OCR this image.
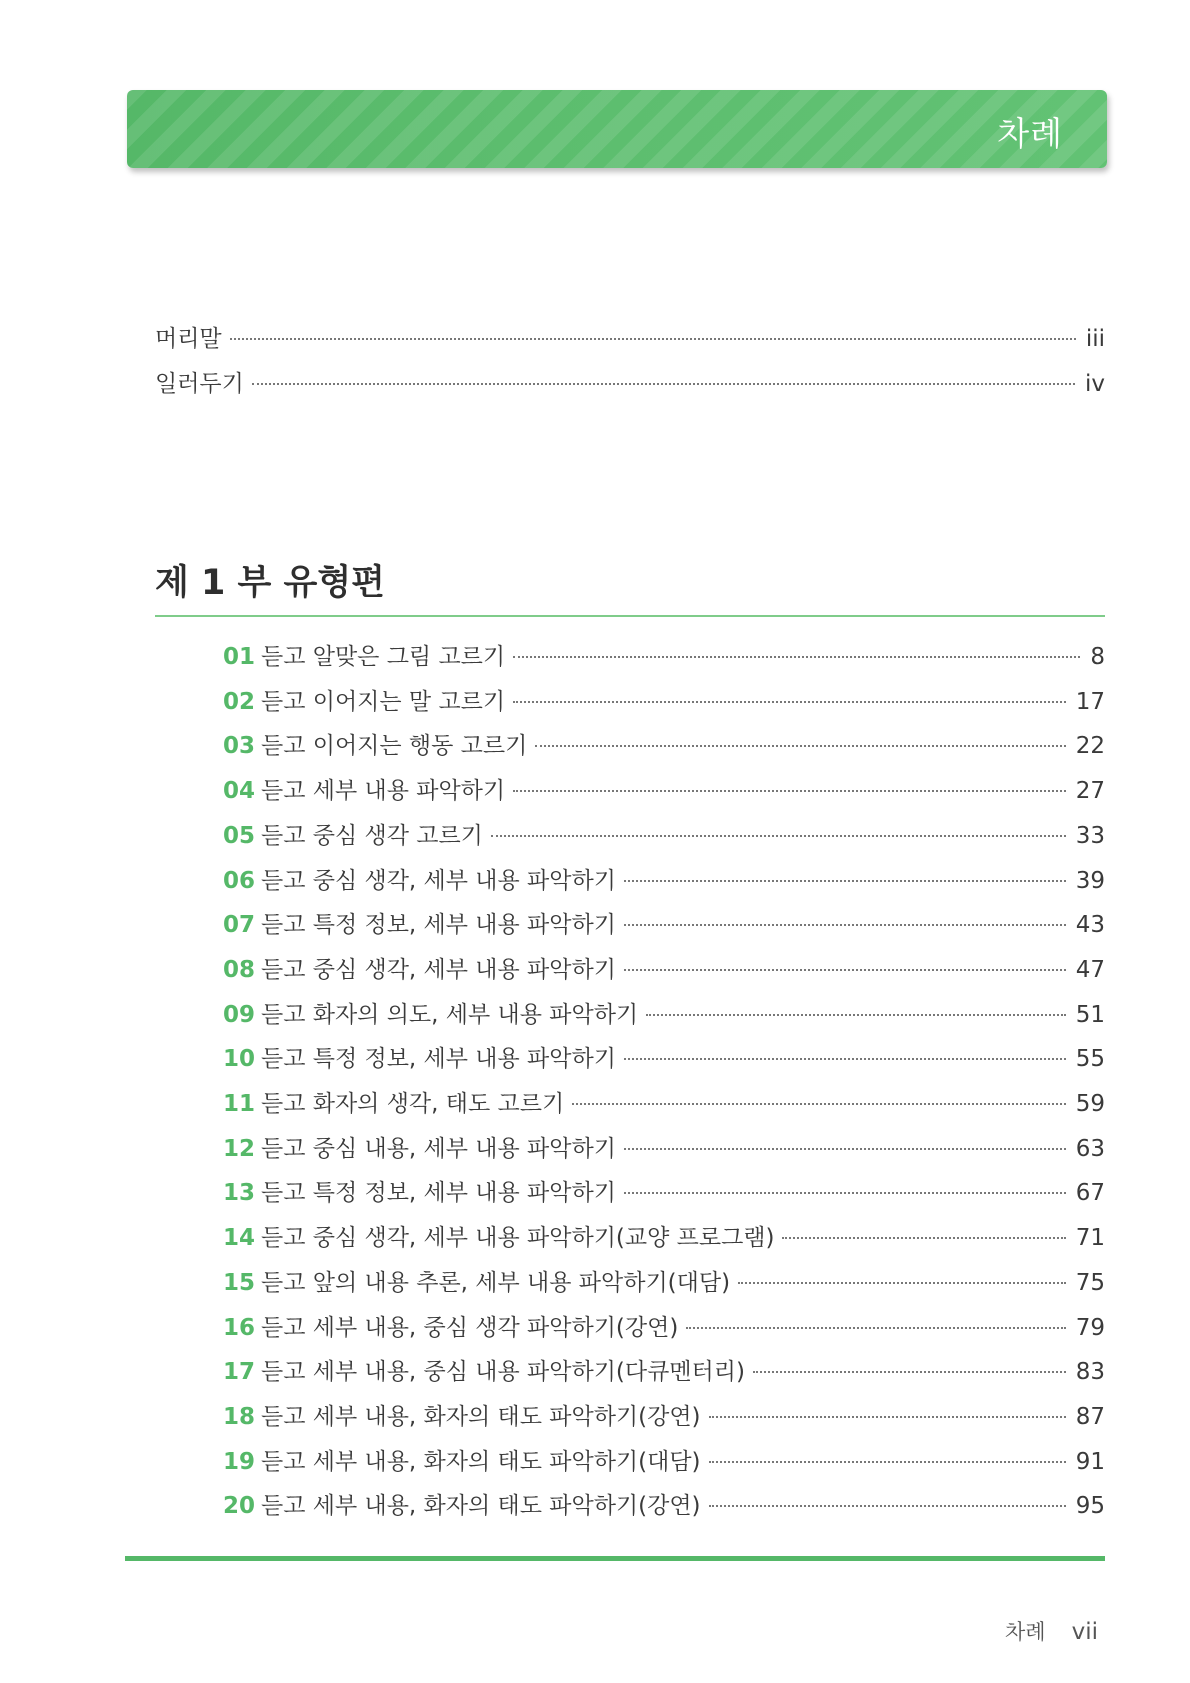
차례
머리말	iii
일러두기	iv
제 1 부 유형편
01 듣고 알맞은 그림 고르기	8
02 듣고 이어지는 말 고르기	17
03 듣고 이어지는 행동 고르기	22
04 듣고 세부 내용 파악하기	27
05 듣고 중심 생각 고르기	33
06 듣고 중심 생각, 세부 내용 파악하기	39
07 듣고 특정 정보, 세부 내용 파악하기	43
08 듣고 중심 생각, 세부 내용 파악하기	47
09 듣고 화자의 의도, 세부 내용 파악하기	51
10 듣고 특정 정보, 세부 내용 파악하기	55
11 듣고 화자의 생각, 태도 고르기	59
12 듣고 중심 내용, 세부 내용 파악하기	63
13 듣고 특정 정보, 세부 내용 파악하기	67
14 듣고 중심 생각, 세부 내용 파악하기(교양 프로그램)	71
15 듣고 앞의 내용 추론, 세부 내용 파악하기(대담)	75
16 듣고 세부 내용, 중심 생각 파악하기(강연)	79
17 듣고 세부 내용, 중심 내용 파악하기(다큐멘터리)	83
18 듣고 세부 내용, 화자의 태도 파악하기(강연)	87
19 듣고 세부 내용, 화자의 태도 파악하기(대담)	91
20 듣고 세부 내용, 화자의 태도 파악하기(강연)	95
차례 vii
